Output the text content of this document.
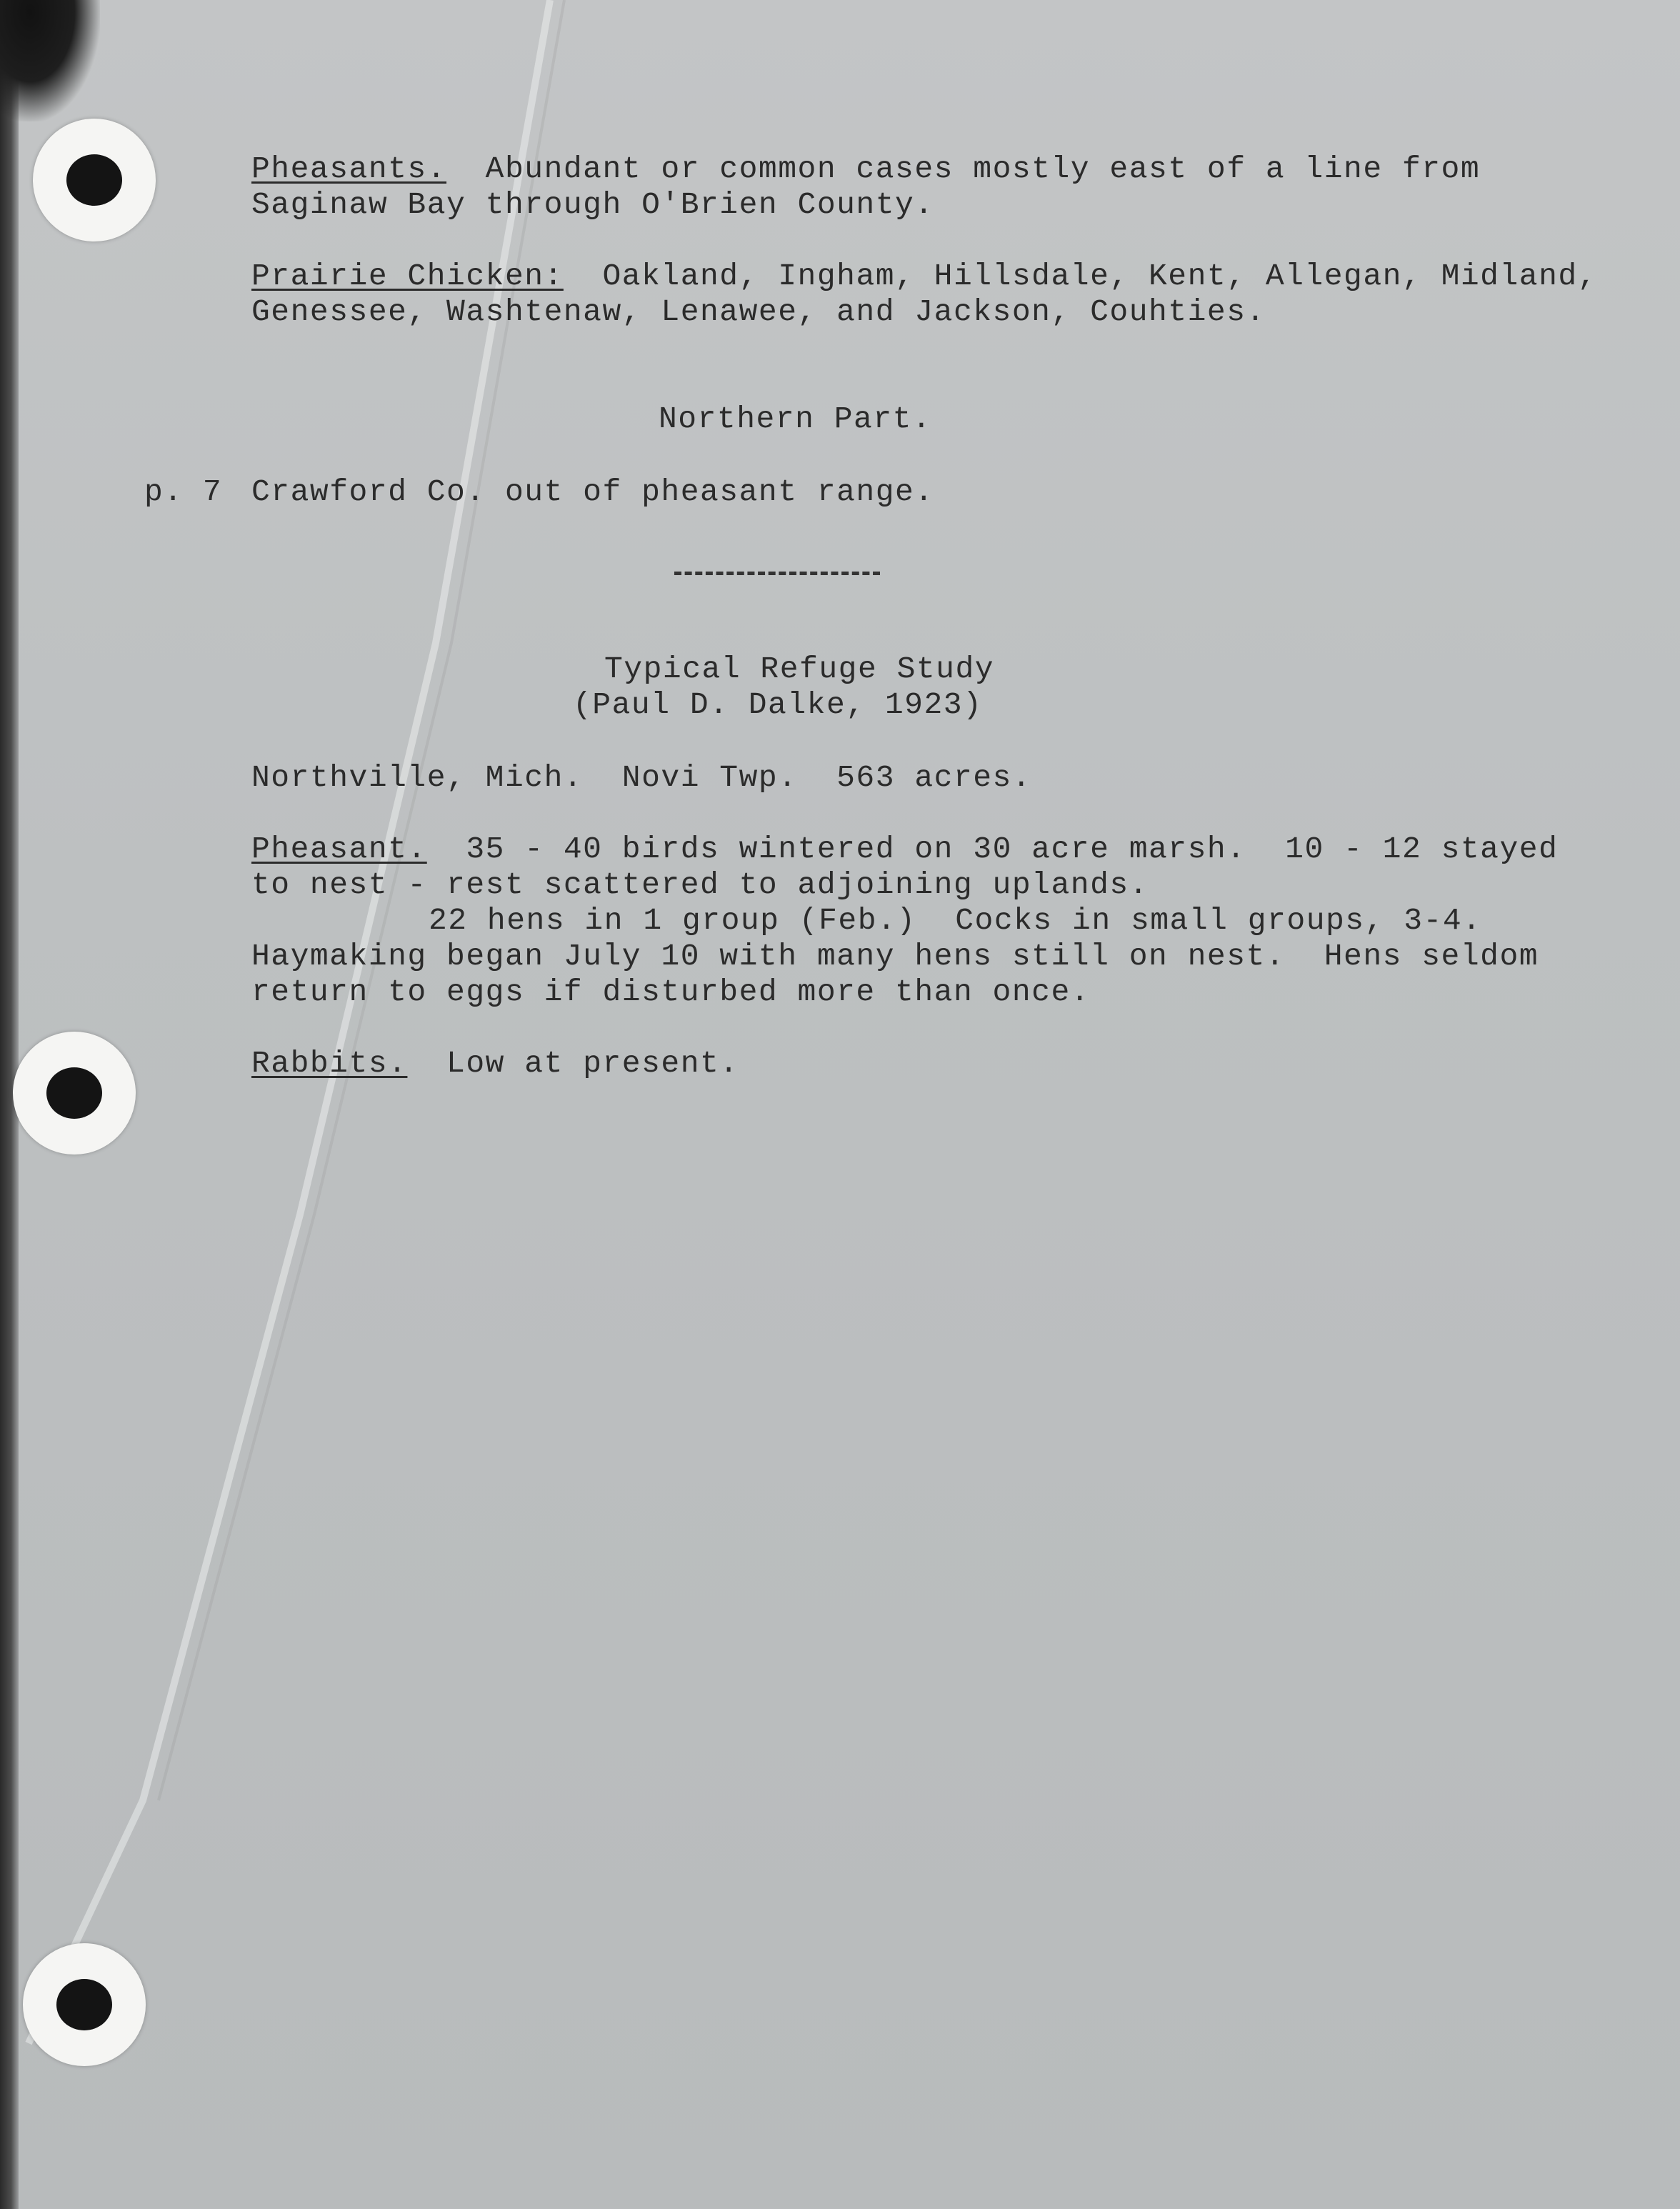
Pheasants.  Abundant or common cases mostly east of a line from

Saginaw Bay through O'Brien County.

Prairie Chicken:  Oakland, Ingham, Hillsdale, Kent, Allegan, Midland,

Genessee, Washtenaw, Lenawee, and Jackson, Couhties.

Northern Part.

p. 7 Crawford Co. out of pheasant range.

Typical Refuge Study

(Paul D. Dalke, 1923)

Northville, Mich.  Novi Twp.  563 acres.

Pheasant.  35 - 40 birds wintered on 30 acre marsh.  10 - 12 stayed

to nest - rest scattered to adjoining uplands.

22 hens in 1 group (Feb.)  Cocks in small groups, 3-4.

Haymaking began July 10 with many hens still on nest.  Hens seldom

return to eggs if disturbed more than once.

Rabbits.  Low at present.
